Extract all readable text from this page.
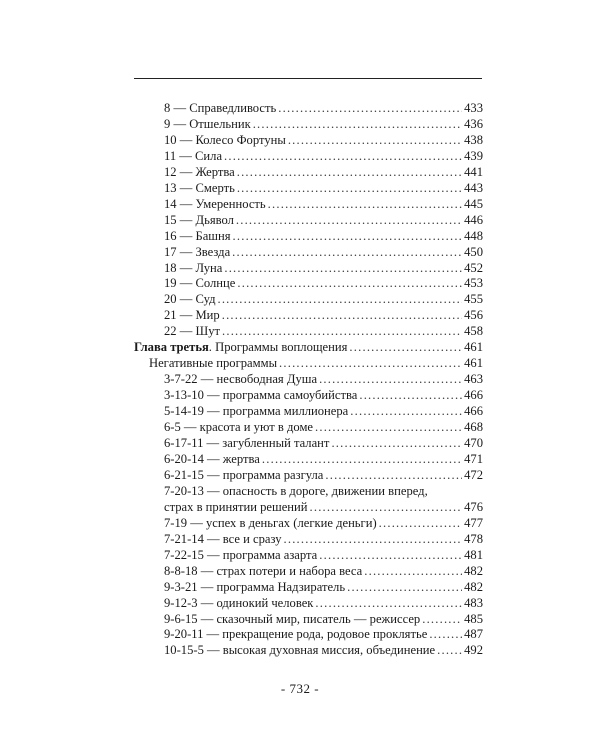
8 — Справедливость .....	433
9 — Отшельник .....	436
10 — Колесо Фортуны .....	438
11 — Сила .....	439
12 — Жертва .....	441
13 — Смерть .....	443
14 — Умеренность .....	445
15 — Дьявол .....	446
16 — Башня .....	448
17 — Звезда .....	450
18 — Луна .....	452
19 — Солнце .....	453
20 — Суд .....	455
21 — Мир .....	456
22 — Шут .....	458
Глава третья. Программы воплощения .....	461
Негативные программы .....	461
3-7-22 — несвободная Душа .....	463
3-13-10 — программа самоубийства .....	466
5-14-19 — программа миллионера .....	466
6-5 — красота и уют в доме .....	468
6-17-11 — загубленный талант .....	470
6-20-14 — жертва .....	471
6-21-15 — программа разгула .....	472
7-20-13 — опасность в дороге, движении вперед,
страх в принятии решений .....	476
7-19 — успех в деньгах (легкие деньги) .....	477
7-21-14 — все и сразу .....	478
7-22-15 — программа азарта .....	481
8-8-18 — страх потери и набора веса .....	482
9-3-21 — программа Надзиратель .....	482
9-12-3 — одинокий человек .....	483
9-6-15 — сказочный мир, писатель — режиссер .....	485
9-20-11 — прекращение рода, родовое проклятье .....	487
10-15-5 — высокая духовная миссия, объединение ..... 492
- 732 -
